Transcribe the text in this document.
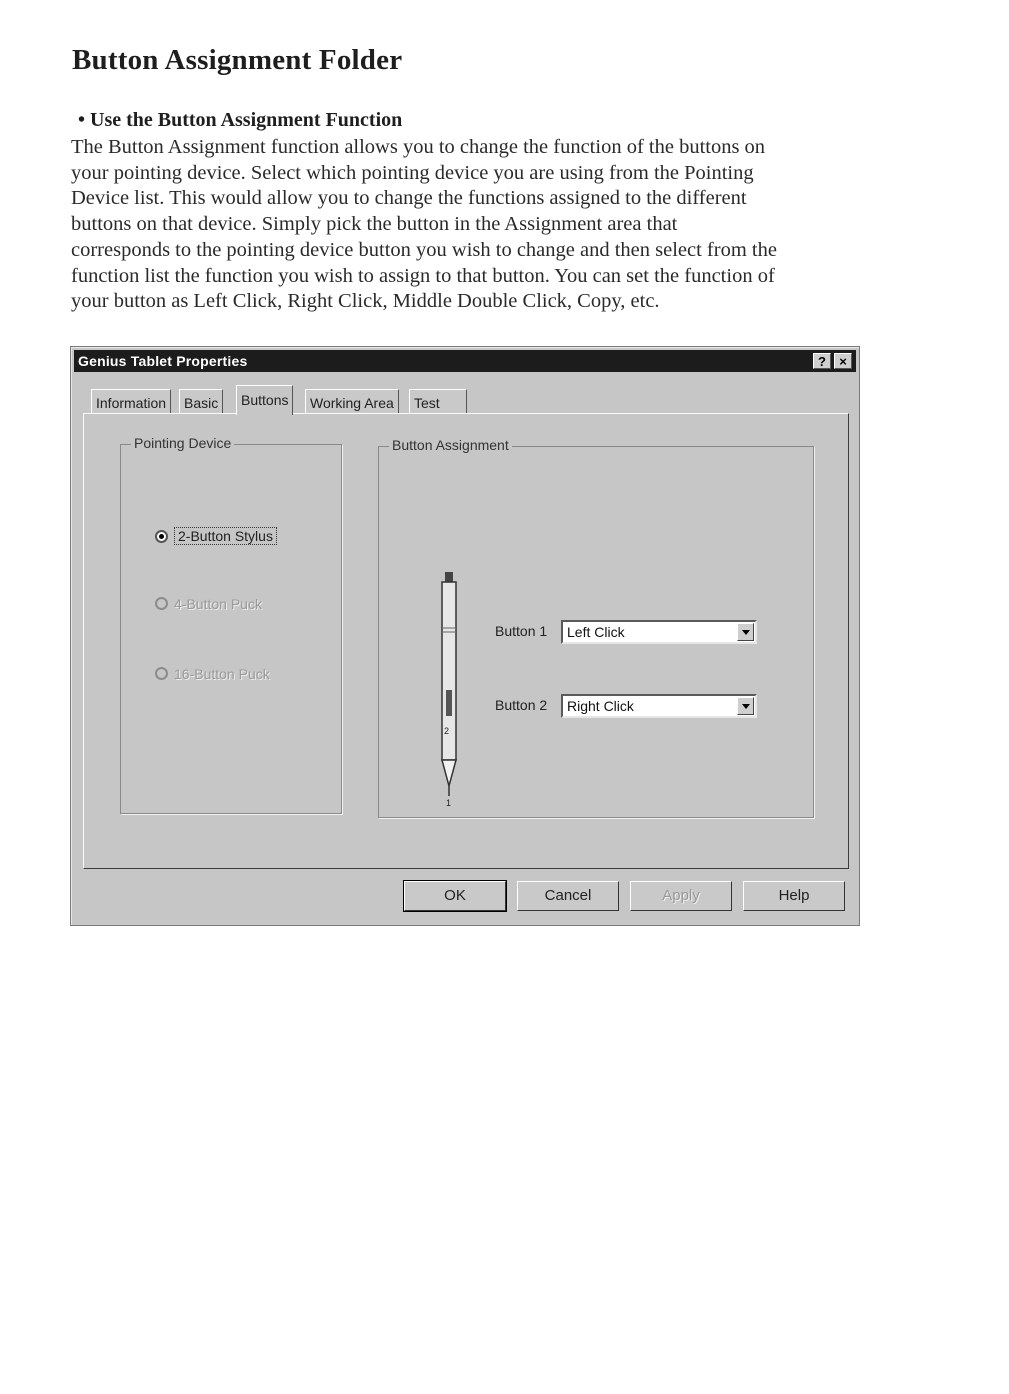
Button Assignment Folder
• Use the Button Assignment Function
The Button Assignment function allows you to change the function of the buttons on
your pointing device. Select which pointing device you are using from the Pointing
Device list. This would allow you to change the functions assigned to the different
buttons on that device. Simply pick the button in the Assignment area that
corresponds to the pointing device button you wish to change and then select from the
function list the function you wish to assign to that button. You can set the function of
your button as Left Click, Right Click, Middle Double Click, Copy, etc.
Genius Tablet Properties	?	×
Information	Basic	Buttons	Working Area	Test
Pointing Device
2-Button Stylus
4-Button Puck
16-Button Puck
Button Assignment
2
1
Button 1 Left Click
Button 2 Right Click
OK	Cancel	Apply	Help
